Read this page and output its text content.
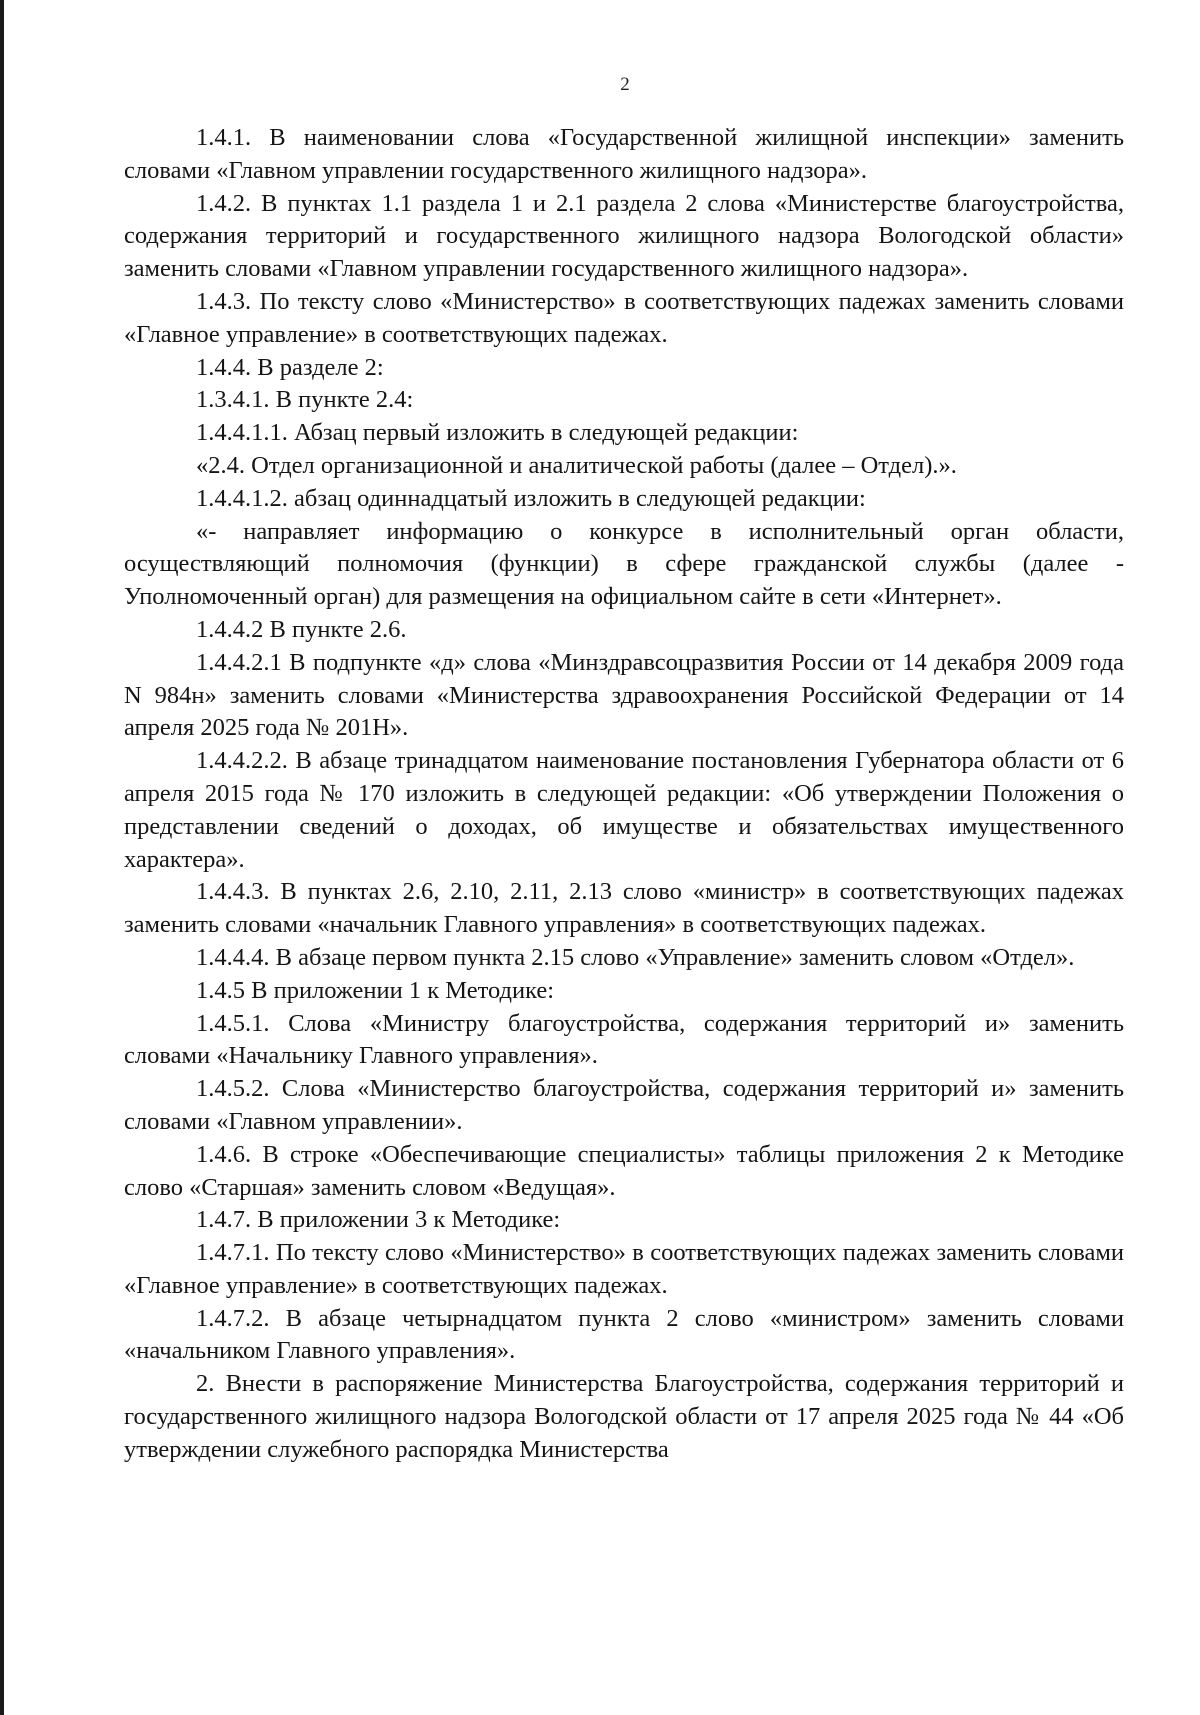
2

1.4.1. В наименовании слова «Государственной жилищной инспекции» заменить словами «Главном управлении государственного жилищного надзора».

1.4.2. В пунктах 1.1 раздела 1 и 2.1 раздела 2 слова «Министерстве благоустройства, содержания территорий и государственного жилищного надзора Вологодской области» заменить словами «Главном управлении государственного жилищного надзора».

1.4.3. По тексту слово «Министерство» в соответствующих падежах заменить словами «Главное управление» в соответствующих падежах.

1.4.4. В разделе 2:

1.3.4.1. В пункте 2.4:

1.4.4.1.1. Абзац первый изложить в следующей редакции:

«2.4. Отдел организационной и аналитической работы (далее – Отдел).».

1.4.4.1.2. абзац одиннадцатый изложить в следующей редакции:

«- направляет информацию о конкурсе в исполнительный орган области, осуществляющий полномочия (функции) в сфере гражданской службы (далее - Уполномоченный орган) для размещения на официальном сайте в сети «Интернет».

1.4.4.2 В пункте 2.6.

1.4.4.2.1 В подпункте «д» слова «Минздравсоцразвития России от 14 декабря 2009 года N 984н» заменить словами «Министерства здравоохранения Российской Федерации от 14 апреля 2025 года № 201Н».

1.4.4.2.2. В абзаце тринадцатом наименование постановления Губернатора области от 6 апреля 2015 года № 170 изложить в следующей редакции: «Об утверждении Положения о представлении сведений о доходах, об имуществе и обязательствах имущественного характера».

1.4.4.3. В пунктах 2.6, 2.10, 2.11, 2.13 слово «министр» в соответствующих падежах заменить словами «начальник Главного управления» в соответствующих падежах.

1.4.4.4. В абзаце первом пункта 2.15 слово «Управление» заменить словом «Отдел».

1.4.5 В приложении 1 к Методике:

1.4.5.1. Слова «Министру благоустройства, содержания территорий и» заменить словами «Начальнику Главного управления».

1.4.5.2. Слова «Министерство благоустройства, содержания территорий и» заменить словами «Главном управлении».

1.4.6. В строке «Обеспечивающие специалисты» таблицы приложения 2 к Методике слово «Старшая» заменить словом «Ведущая».

1.4.7. В приложении 3 к Методике:

1.4.7.1. По тексту слово «Министерство» в соответствующих падежах заменить словами «Главное управление» в соответствующих падежах.

1.4.7.2. В абзаце четырнадцатом пункта 2 слово «министром» заменить словами «начальником Главного управления».

2. Внести в распоряжение Министерства Благоустройства, содержания территорий и государственного жилищного надзора Вологодской области от 17 апреля 2025 года № 44 «Об утверждении служебного распорядка Министерства
